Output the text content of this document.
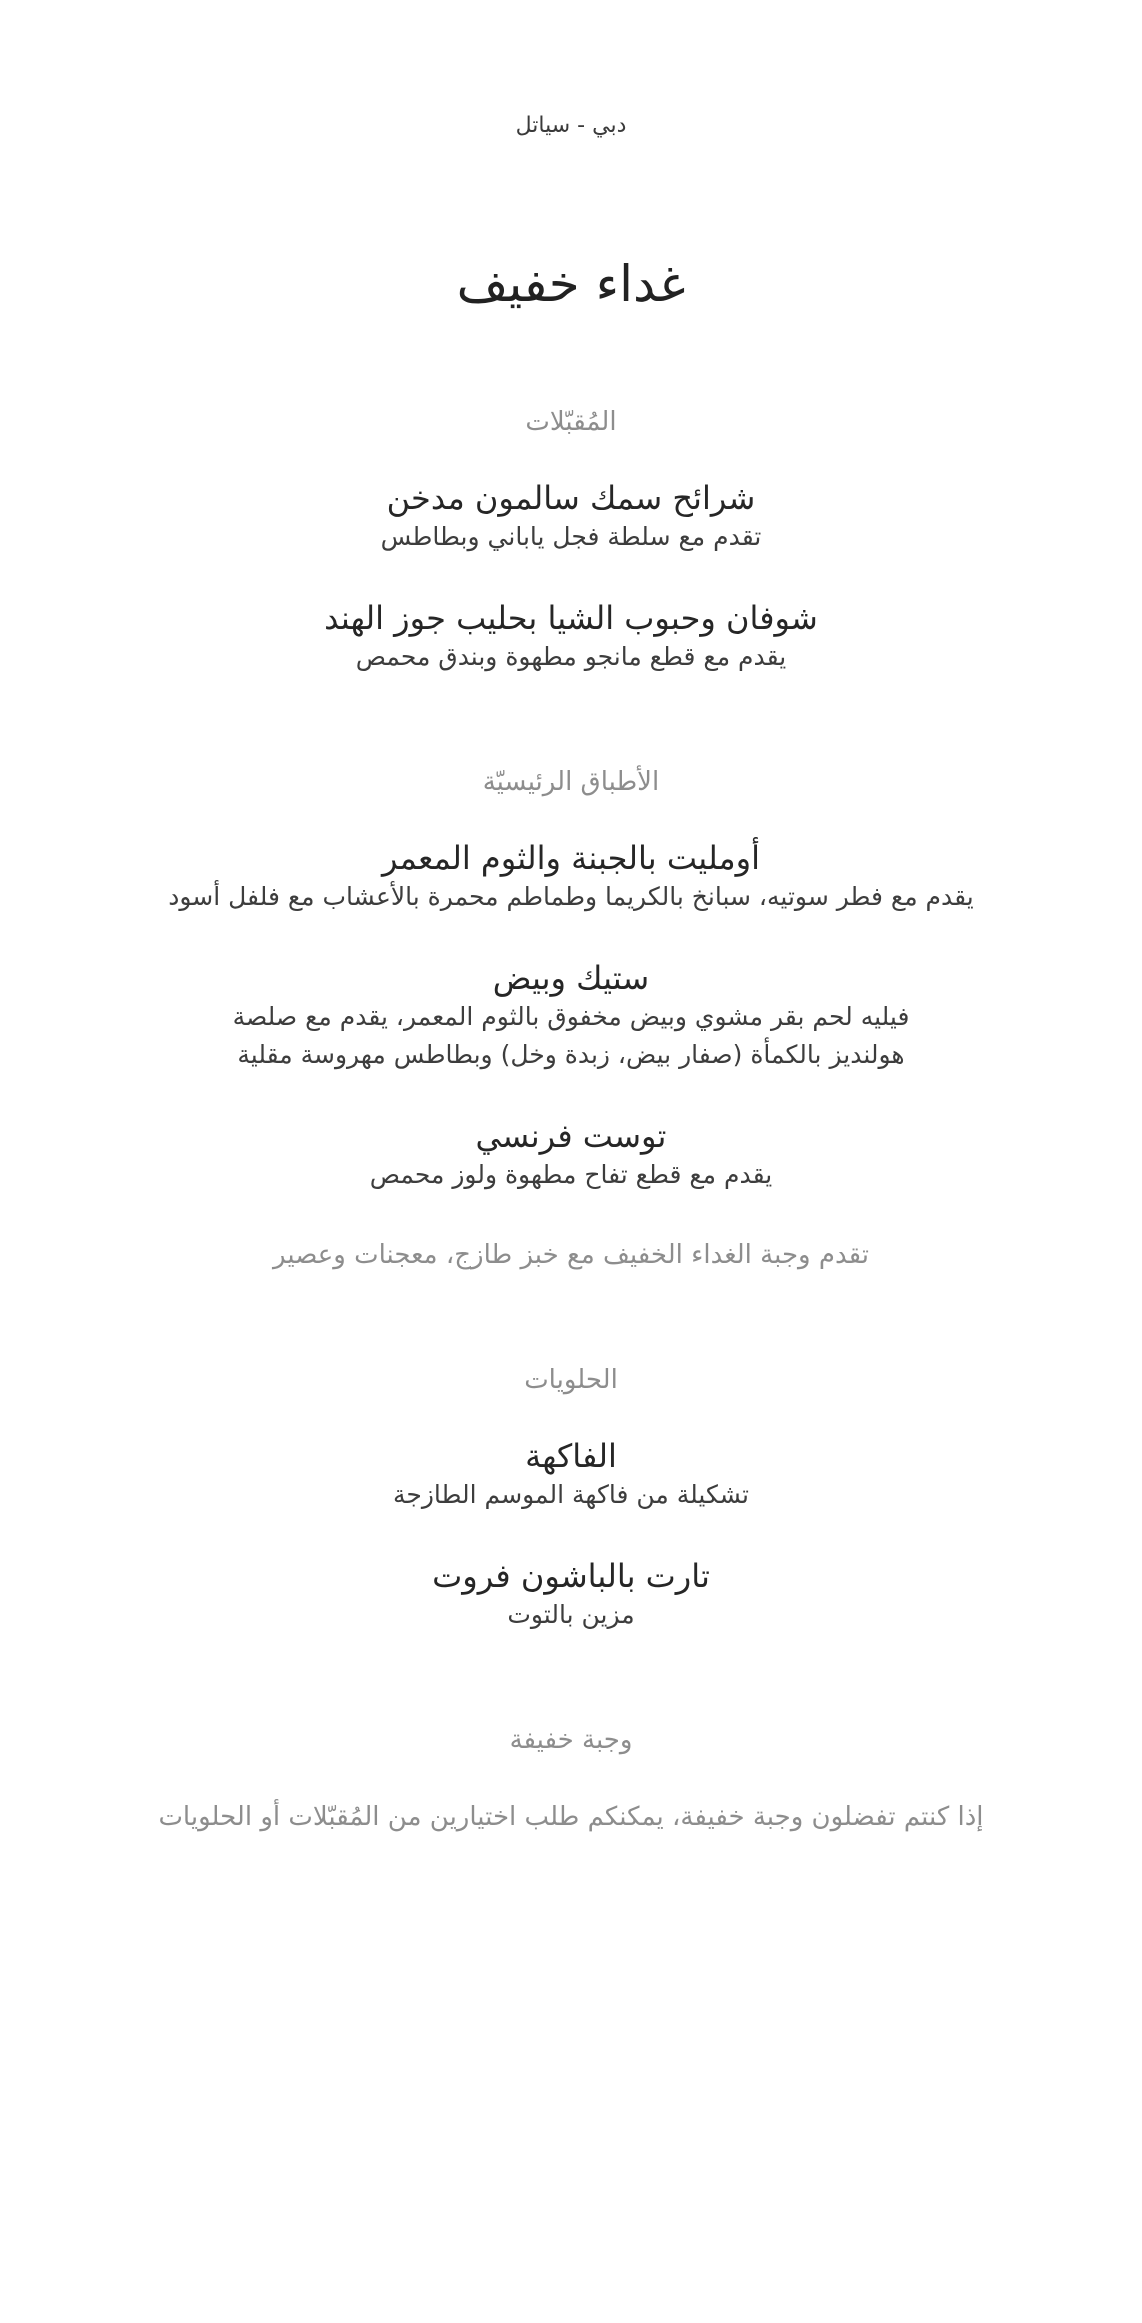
دبي - سياتل

غداء خفيف
المُقبّلات

شرائح سمك سالمون مدخن

تقدم مع سلطة فجل ياباني وبطاطس

شوفان وحبوب الشيا بحليب جوز الهند

يقدم مع قطع مانجو مطهوة وبندق محمص

الأطباق الرئيسيّة

أومليت بالجبنة والثوم المعمر

يقدم مع فطر سوتيه، سبانخ بالكريما وطماطم محمرة بالأعشاب مع فلفل أسود

ستيك وبيض

فيليه لحم بقر مشوي وبيض مخفوق بالثوم المعمر، يقدم مع صلصة

هولنديز بالكمأة (صفار بيض، زبدة وخل) وبطاطس مهروسة مقلية

توست فرنسي

يقدم مع قطع تفاح مطهوة ولوز محمص

تقدم وجبة الغداء الخفيف مع خبز طازج، معجنات وعصير

الحلويات

الفاكهة

تشكيلة من فاكهة الموسم الطازجة

تارت بالباشون فروت

مزين بالتوت

وجبة خفيفة

إذا كنتم تفضلون وجبة خفيفة، يمكنكم طلب اختيارين من المُقبّلات أو الحلويات
